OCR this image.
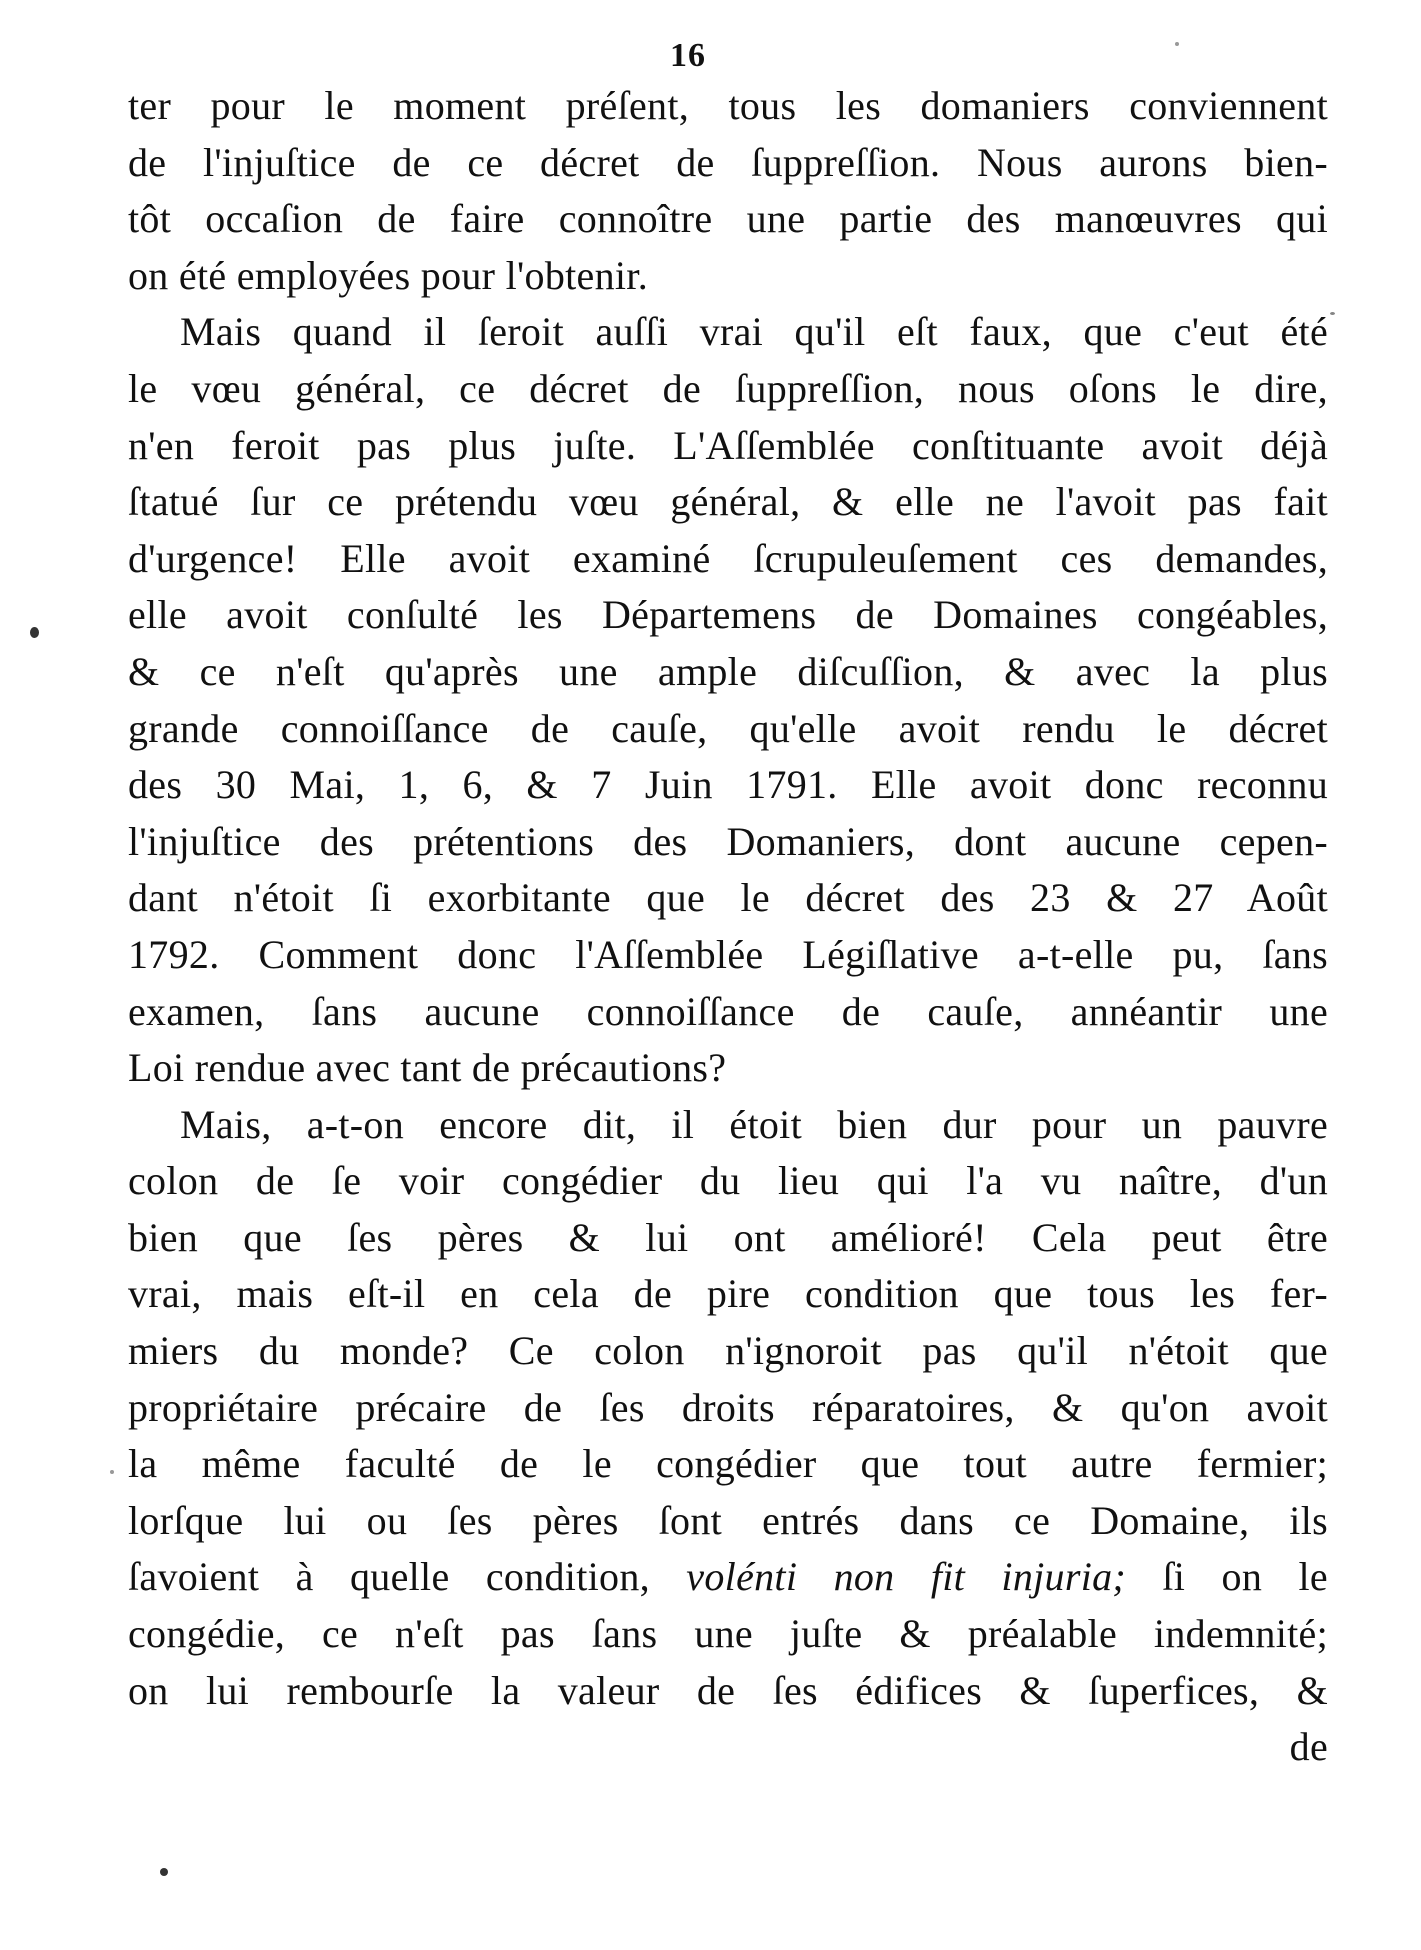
16
ter pour le moment préſent, tous les domaniers conviennent
de l'injuſtice de ce décret de ſuppreſſion. Nous aurons bien-
tôt occaſion de faire connoître une partie des manœuvres qui
on été employées pour l'obtenir.
Mais quand il ſeroit auſſi vrai qu'il eſt faux, que c'eut été
le vœu général, ce décret de ſuppreſſion, nous oſons le dire,
n'en feroit pas plus juſte. L'Aſſemblée conſtituante avoit déjà
ſtatué ſur ce prétendu vœu général, & elle ne l'avoit pas fait
d'urgence! Elle avoit examiné ſcrupuleuſement ces demandes,
elle avoit conſulté les Départemens de Domaines congéables,
& ce n'eſt qu'après une ample diſcuſſion, & avec la plus
grande connoiſſance de cauſe, qu'elle avoit rendu le décret
des 30 Mai, 1, 6, & 7 Juin 1791. Elle avoit donc reconnu
l'injuſtice des prétentions des Domaniers, dont aucune cepen-
dant n'étoit ſi exorbitante que le décret des 23 & 27 Août
1792. Comment donc l'Aſſemblée Légiſlative a-t-elle pu, ſans
examen, ſans aucune connoiſſance de cauſe, annéantir une
Loi rendue avec tant de précautions?
Mais, a-t-on encore dit, il étoit bien dur pour un pauvre
colon de ſe voir congédier du lieu qui l'a vu naître, d'un
bien que ſes pères & lui ont amélioré! Cela peut être
vrai, mais eſt-il en cela de pire condition que tous les fer-
miers du monde? Ce colon n'ignoroit pas qu'il n'étoit que
propriétaire précaire de ſes droits réparatoires, & qu'on avoit
la même faculté de le congédier que tout autre fermier;
lorſque lui ou ſes pères ſont entrés dans ce Domaine, ils
ſavoient à quelle condition, volénti non fit injuria; ſi on le
congédie, ce n'eſt pas ſans une juſte & préalable indemnité;
on lui rembourſe la valeur de ſes édifices & ſuperfices, &
de
